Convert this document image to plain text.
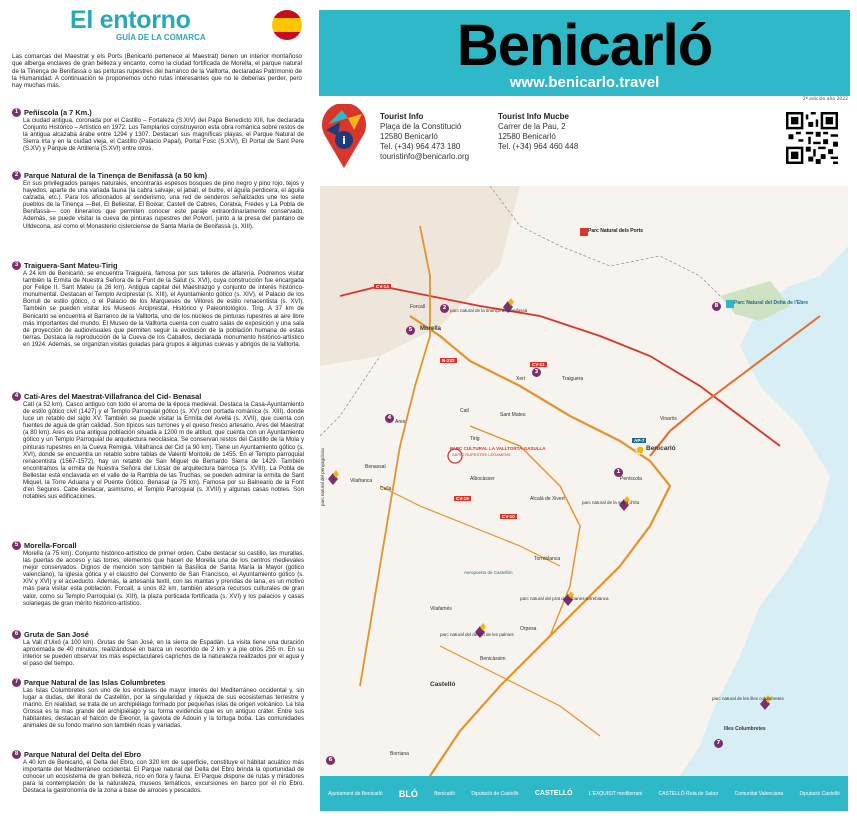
El entorno
GUÍA DE LA COMARCA
Las comarcas del Maestrat y els Ports (Benicarló pertenece al Maestrat) tienen un interior montañoso que alberga enclaves de gran belleza y encanto, como la ciudad fortificada de Morella, el parque natural de la Tinença de Benifassà o las pinturas rupestres del barranco de la Valltorta, declaradas Patrimonio de la Humanidad. A continuación te proponemos ocho rutas interesantes que no te deberías perder, pero hay muchas más.
1 Peñíscola (a 7 Km.)
La ciudad antigua, coronada por el Castillo – Fortaleza (S.XIV) del Papa Benedicto XIII, fue declarada Conjunto Histórico – Artístico en 1972. Los Templarios construyeron esta obra románica sobre restos de la antigua alcazaba árabe entre 1294 y 1307. Destacan sus magníficas playas, el Parque Natural de Sierra Irta y en la ciudad vieja, el Castillo (Palacio Papal), Portal Fosc (S.XVI), El Portal de Sant Pere (S.XV) y Parque de Artillería (S.XVI) entre otros.
2 Parque Natural de la Tinença de Benifassà (a 50 km)
En sus privilegiados parajes naturales, encontrarás espesos bosques de pino negro y pino rojo, tejos y hayedos, aparte de una variada fauna (la cabra salvaje, el jabalí, el buitre, el águila perdicera, el águila calzada, etc.). Para los aficionados al senderismo, una red de senderos señalizados une los siete pueblos de la Tinença —Bel, El Bellestar, El Boixar, Castell de Cabres, Coratxa, Fredes y La Pobla de Benifassà— con itinerarios que permiten conocer este paraje extraordinariamente conservado. Además, se puede visitar la cueva de pinturas rupestres del Polvorí, junto a la presa del pantano de Ulldecona, así como el Monasterio cisterciense de Santa María de Benifassà (s. XIII).
3 Traiguera-Sant Mateu-Tirig
A 24 km de Benicarló, se encuentra Traiguera, famosa por sus talleres de alfarería. Podremos visitar también la Ermita de Nuestra Señora de la Font de la Salut (s. XVI), cuya construcción fue encargada por Felipe II. Sant Mateu (a 26 km). Antigua capital del Maestrazgo y conjunto de interés histórico-monumental. Destacan el Templo Arciprestal (s. XIII), el Ayuntamiento gótico (s. XIV), el Palacio de los Borrull de estilo gótico, o el Palacio de los Marqueses de Villores de estilo renacentista (s. XVI). También se pueden visitar los Museos Arciprestal, Histórico y Paleontológico. Tirig. A 37 km de Benicarló se encuentra el Barranco de la Valltorta, uno de los núcleos de pinturas rupestres al aire libre más importantes del mundo. El Museo de la Valltorta cuenta con cuatro salas de exposición y una sala de proyección de audiovisuales que permiten seguir la evolución de la población humana de estas tierras. Destaca la reproducción de la Cueva de los Caballos, declarada monumento histórico-artístico en 1924. Además, se organizan visitas guiadas para grupos a algunas cuevas y abrigos de la Valltorta.
4 Catí-Ares del Maestrat-Villafranca del Cid- Benasal
Catí (a 52 km). Casco antiguo con todo el aroma de la época medieval. Destaca la Casa-Ayuntamiento de estilo gótico civil (1427) y el Templo Parroquial gótico (s. XV) con portada románica (s. XIII), donde luce un retablo del siglo XV. También se puede visitar la Ermita del Avellà (s. XVII), que cuenta con fuentes de agua de gran calidad. Son típicos sus turrones y el queso fresco artesano. Ares del Maestrat (a 80 km). Ares es una antigua población situada a 1200 m de altitud, que cuenta con un Ayuntamiento gótico y un Templo Parroquial de arquitectura neoclásica. Se conservan restos del Castillo de la Mola y pinturas rupestres en la Cueva Remigia. Villafranca del Cid (a 90 km). Tiene un Ayuntamiento gótico (s. XVI), donde se encuentra un retablo sobre tablas de Valentí Montoliu de 1455. En el Templo parroquial renacentista (1567-1572), hay un retablo de San Miguel de Bernardo Sierra de 1429. También encontramos la ermita de Nuestra Señora del Llosar de arquitectura barroca (s. XVIII). La Pobla de Bellestar está enclavada en el valle de la Rambla de las Truchas, se pueden admirar la ermita de Sant Miquel, la Torre Aduana y el Puente Gótico. Benasal (a 75 km). Famosa por su Balneario de la Font d'en Segures. Cabe destacar, asimismo, el Templo Parroquial (s. XVIII) y algunas casas nobles. Son notables sus edificaciones.
5 Morella-Forcall
Morella (a 75 km). Conjunto histórico-artístico de primer orden. Cabe destacar su castillo, las murallas, las puertas de acceso y las torres, elementos que hacen de Morella una de los centros medievales mejor conservados. Dignos de mención son también la Basílica de Santa María la Mayor (gótico valenciano), la iglesia gótica y el claustro del Convento de San Francisco, el Ayuntamiento gótico (s. XIV y XVI) y el acueducto. Además, la artesanía textil, con las mantas y prendas de lana, es un motivo más para visitar esta población. Forcall, a unos 82 km, también atesora recursos culturales de gran valor, como su Templo Parroquial (s. XIII), la plaza porticada fortificada (s. XVI) y los palacios y casas solariegas de gran mérito histórico-artístico.
6 Gruta de San José
La Vall d'Uixó (a 100 km). Grutas de San José, en la sierra de Espadán. La visita tiene una duración aproximada de 40 minutos, realizándose en barca un recorrido de 2 km y a pie otros 255 m. En su interior se pueden observar los más espectaculares caprichos de la naturaleza realizados por el agua y el paso del tiempo.
7 Parque Natural de las Islas Columbretes
Las Islas Columbretes son uno de los enclaves de mayor interés del Mediterráneo occidental y, sin lugar a dudas, del litoral de Castellón, por la singularidad y riqueza de sus ecosistemas terrestre y marino. En realidad, se trata de un archipiélago formado por pequeñas islas de origen volcánico. La Isla Grossa es la mas grande del archipiélago y su forma evidencia que es un antiguo cráter. Entre sus habitantes, destacan el halcón de Eleonor, la gaviota de Adouin y la tortuga boba. Las comunidades animales de su fondo marino son también ricas y variadas.
8 Parque Natural del Delta del Ebro
A 40 km de Benicarló, el Delta del Ebro, con 320 km de superficie, constituye el hábitat acuático más importante del Mediterráneo occidental. El Parque natural del Delta del Ebro brinda la oportunidad de conocer un ecosistema de gran belleza, rico en flora y fauna. El Parque dispone de rutas y miradores para la contemplación de la naturaleza, museos temáticos, excursiones en barco por el río Ebro. Destaca la gastronomía de la zona a base de arroces y pescados.
Benicarló
www.benicarlo.travel
2ª edición año 2022
i
Tourist Info
Plaça de la Constitució
12580 Benicarló
Tel. (+34) 964 473 180
touristinfo@benicarlo.org
Tourist Info Mucbe
Carrer de la Pau, 2
12580 Benicarló
Tel. (+34) 964 460 448
Parc Natural dels Ports
Parc Natural del Delta de l'Ebre
Morella
Benicarló
Peníscola
Vinaròs
Sant Mateu
Traiguera
Catí
Ares
Tirig
Alcalà de Xivert
Castelló
Orpesa
Benicàssim
Borriana
Vilafamés
Albocàsser
Torreblanca
Forcall
Vilafranca
Benassal
Culla
Xert
PARC CULTURAL LA VALLTORTA-GASULLA
ABRIC RUPESTRE LEGAMENS
parc natural de la tinença de benifassà
parc natural de la serra d'irta
parc natural del prat de cabanes-torreblanca
parc natural del desert de les palmes
parc natural de les illes columbretes
Illes Columbretes
Aeropuerto de Castellón
parc natural del penyagolosa
AP-7
N-232
CV-11
CV-14
CV-15
CV-10
1
2
3
4
5
6
7
8
Ajuntament de Benicarló BLÓ	Benicarló	Diputació de Castelló CASTELLÓ	L'EXQUISIT mediterrani	CASTELLÓ Ruta de Sabor	Comunitat Valenciana	Diputació Castelló
